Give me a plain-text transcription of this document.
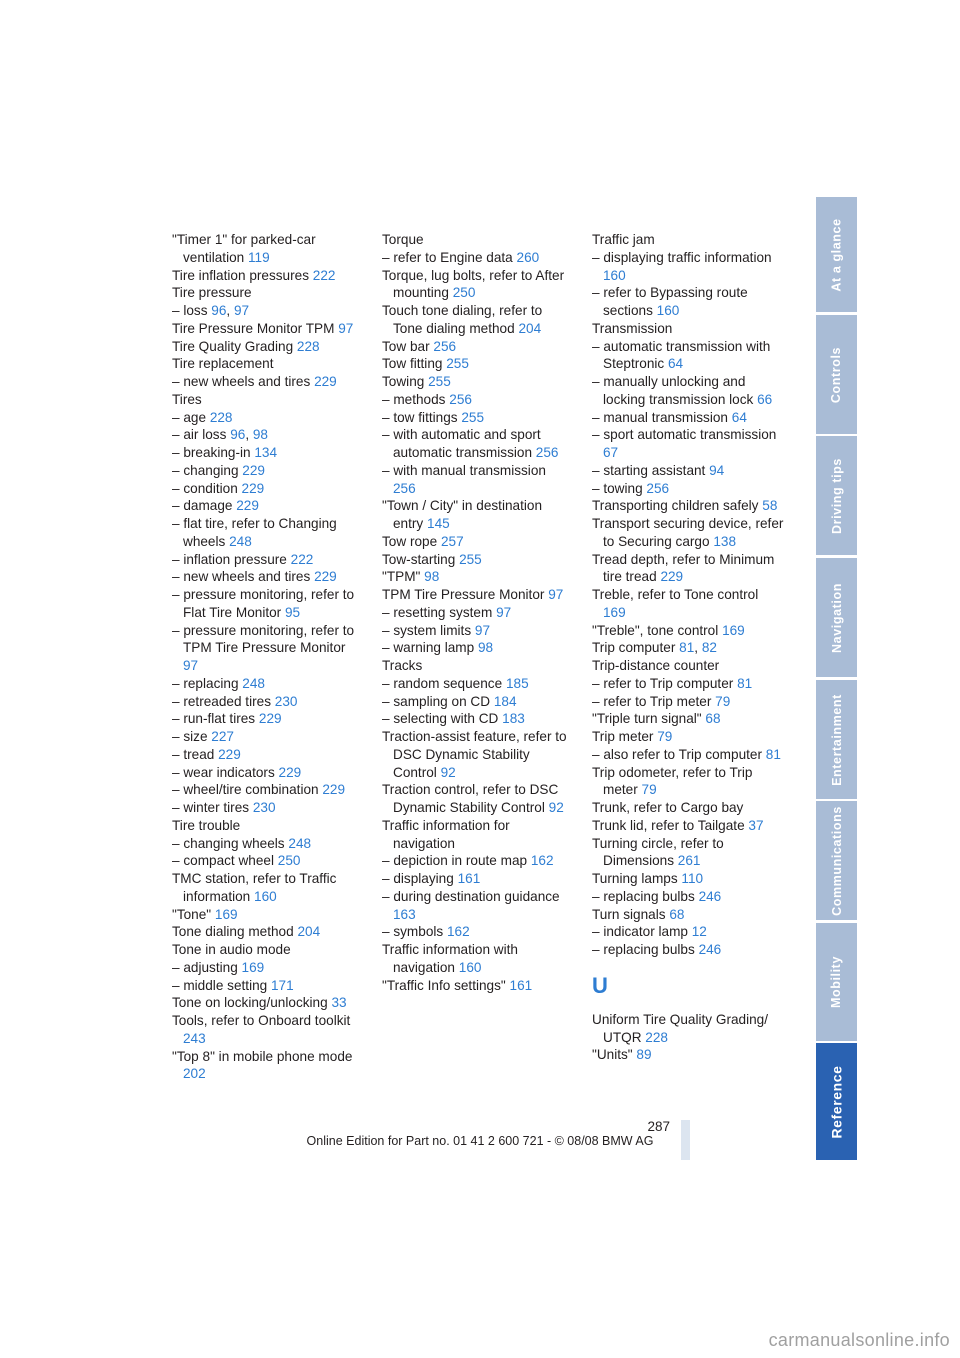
"Timer 1" for parked-car ventilation 119

Tire inflation pressures 222

Tire pressure

– loss 96, 97

Tire Pressure Monitor TPM 97

Tire Quality Grading 228

Tire replacement

– new wheels and tires 229

Tires

– age 228

– air loss 96, 98

– breaking-in 134

– changing 229

– condition 229

– damage 229

– flat tire, refer to Changing wheels 248

– inflation pressure 222

– new wheels and tires 229

– pressure monitoring, refer to Flat Tire Monitor 95

– pressure monitoring, refer to TPM Tire Pressure Monitor 97

– replacing 248

– retreaded tires 230

– run-flat tires 229

– size 227

– tread 229

– wear indicators 229

– wheel/tire combination 229

– winter tires 230

Tire trouble

– changing wheels 248

– compact wheel 250

TMC station, refer to Traffic information 160

"Tone" 169

Tone dialing method 204

Tone in audio mode

– adjusting 169

– middle setting 171

Tone on locking/unlocking 33

Tools, refer to Onboard toolkit 243

"Top 8" in mobile phone mode 202

Torque

– refer to Engine data 260

Torque, lug bolts, refer to After mounting 250

Touch tone dialing, refer to Tone dialing method 204

Tow bar 256

Tow fitting 255

Towing 255

– methods 256

– tow fittings 255

– with automatic and sport automatic transmission 256

– with manual transmission 256

"Town / City" in destination entry 145

Tow rope 257

Tow-starting 255

"TPM" 98

TPM Tire Pressure Monitor 97

– resetting system 97

– system limits 97

– warning lamp 98

Tracks

– random sequence 185

– sampling on CD 184

– selecting with CD 183

Traction-assist feature, refer to DSC Dynamic Stability Control 92

Traction control, refer to DSC Dynamic Stability Control 92

Traffic information for navigation

– depiction in route map 162

– displaying 161

– during destination guidance 163

– symbols 162

Traffic information with navigation 160

"Traffic Info settings" 161

Traffic jam

– displaying traffic information 160

– refer to Bypassing route sections 160

Transmission

– automatic transmission with Steptronic 64

– manually unlocking and locking transmission lock 66

– manual transmission 64

– sport automatic transmission 67

– starting assistant 94

– towing 256

Transporting children safely 58

Transport securing device, refer to Securing cargo 138

Tread depth, refer to Minimum tire tread 229

Treble, refer to Tone control 169

"Treble", tone control 169

Trip computer 81, 82

Trip-distance counter

– refer to Trip computer 81

– refer to Trip meter 79

"Triple turn signal" 68

Trip meter 79

– also refer to Trip computer 81

Trip odometer, refer to Trip meter 79

Trunk, refer to Cargo bay

Trunk lid, refer to Tailgate 37

Turning circle, refer to Dimensions 261

Turning lamps 110

– replacing bulbs 246

Turn signals 68

– indicator lamp 12

– replacing bulbs 246

U

Uniform Tire Quality Grading/ UTQR 228

"Units" 89

At a glance
Controls
Driving tips
Navigation
Entertainment
Communications
Mobility
Reference
287
Online Edition for Part no. 01 41 2 600 721 - © 08/08 BMW AG
carmanualsonline.info
